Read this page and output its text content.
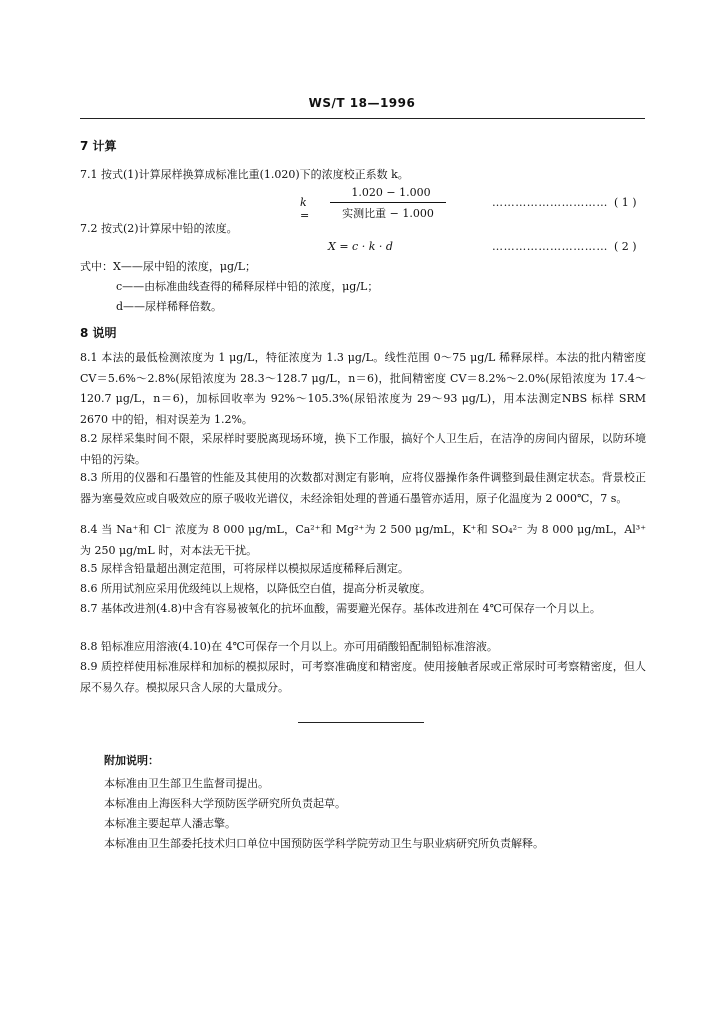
WS/T 18—1996
7 计算
7.1 按式(1)计算尿样换算成标准比重(1.020)下的浓度校正系数 k。
k =
1.020 − 1.000
实测比重 − 1.000
………………………… ( 1 )
7.2 按式(2)计算尿中铅的浓度。
X = c · k · d	………………………… ( 2 )
式中：X——尿中铅的浓度，μg/L；
c——由标准曲线查得的稀释尿样中铅的浓度，μg/L；
d——尿样稀释倍数。
8 说明
8.1 本法的最低检测浓度为 1 μg/L，特征浓度为 1.3 μg/L。线性范围 0～75 μg/L 稀释尿样。本法的批内精密度 CV＝5.6%～2.8%(尿铅浓度为 28.3～128.7 μg/L，n＝6)，批间精密度 CV＝8.2%～2.0%(尿铅浓度为 17.4～120.7 μg/L，n＝6)，加标回收率为 92%～105.3%(尿铅浓度为 29～93 μg/L)，用本法测定NBS 标样 SRM 2670 中的铅，相对误差为 1.2%。
8.2 尿样采集时间不限，采尿样时要脱离现场环境，换下工作服，搞好个人卫生后，在洁净的房间内留尿，以防环境中铅的污染。
8.3 所用的仪器和石墨管的性能及其使用的次数都对测定有影响，应将仪器操作条件调整到最佳测定状态。背景校正器为塞曼效应或自吸效应的原子吸收光谱仪，未经涂钼处理的普通石墨管亦适用，原子化温度为 2 000℃，7 s。
8.4 当 Na⁺和 Cl⁻ 浓度为 8 000 μg/mL，Ca²⁺和 Mg²⁺为 2 500 μg/mL，K⁺和 SO₄²⁻ 为 8 000 μg/mL，Al³⁺为 250 μg/mL 时，对本法无干扰。
8.5 尿样含铅量超出测定范围，可将尿样以模拟尿适度稀释后测定。
8.6 所用试剂应采用优级纯以上规格，以降低空白值，提高分析灵敏度。
8.7 基体改进剂(4.8)中含有容易被氧化的抗坏血酸，需要避光保存。基体改进剂在 4℃可保存一个月以上。
8.8 铅标准应用溶液(4.10)在 4℃可保存一个月以上。亦可用硝酸铅配制铅标准溶液。
8.9 质控样使用标准尿样和加标的模拟尿时，可考察准确度和精密度。使用接触者尿或正常尿时可考察精密度，但人尿不易久存。模拟尿只含人尿的大量成分。
附加说明：
本标准由卫生部卫生监督司提出。
本标准由上海医科大学预防医学研究所负责起草。
本标准主要起草人潘志擎。
本标准由卫生部委托技术归口单位中国预防医学科学院劳动卫生与职业病研究所负责解释。
